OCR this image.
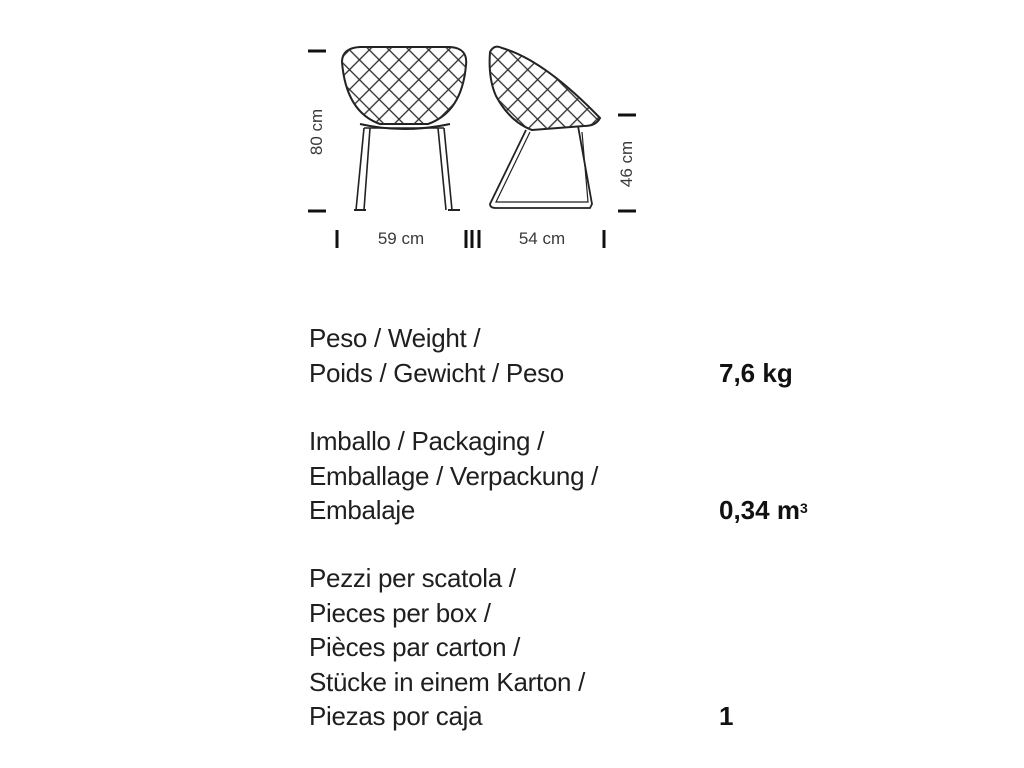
80 cm
46 cm
59 cm	54 cm
Peso / Weight /
Poids / Gewicht / Peso	7,6 kg
Imballo / Packaging /
Emballage / Verpackung /
Embalaje	0,34 $m^3$
Pezzi per scatola /
Pieces per box /
Pièces par carton /
Stücke in einem Karton /
Piezas por caja	1
